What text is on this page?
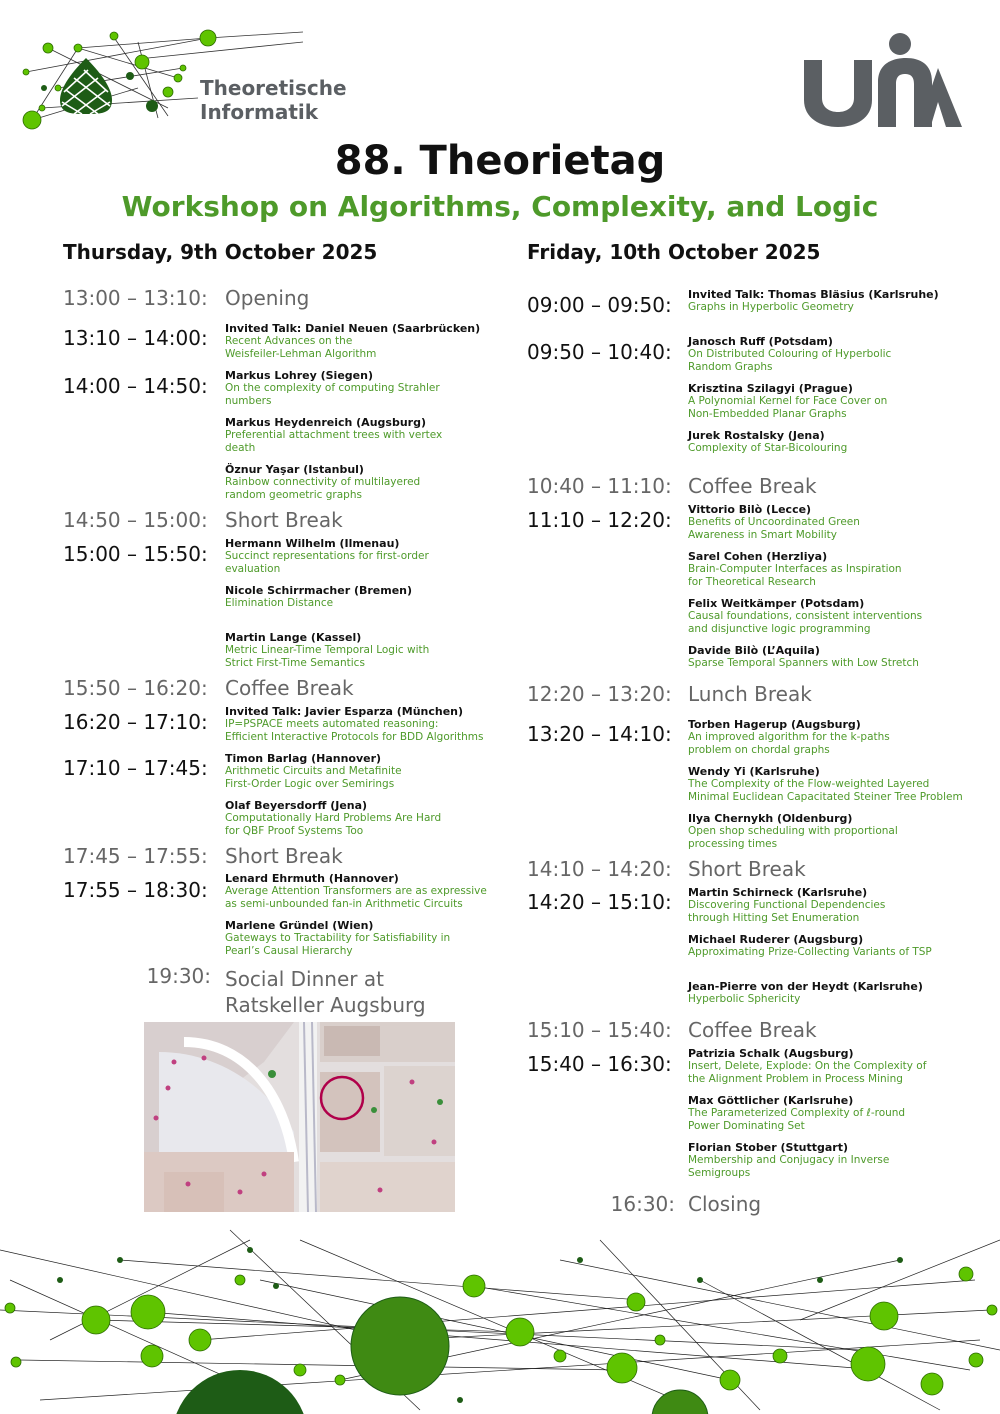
Theoretische
Informatik
88. Theorietag
Workshop on Algorithms, Complexity, and Logic
Thursday, 9th October 2025
13:00 – 13:10: Opening
13:10 – 14:00: Invited Talk: Daniel Neuen (Saarbrücken)
Recent Advances on the
Weisfeiler-Lehman Algorithm
14:00 – 14:50: Markus Lohrey (Siegen)
On the complexity of computing Strahler
numbers
Markus Heydenreich (Augsburg)
Preferential attachment trees with vertex
death
Öznur Yaşar (Istanbul)
Rainbow connectivity of multilayered
random geometric graphs
14:50 – 15:00: Short Break
15:00 – 15:50: Hermann Wilhelm (Ilmenau)
Succinct representations for first-order
evaluation
Nicole Schirrmacher (Bremen)
Elimination Distance
Martin Lange (Kassel)
Metric Linear-Time Temporal Logic with
Strict First-Time Semantics
15:50 – 16:20: Coffee Break
16:20 – 17:10: Invited Talk: Javier Esparza (München)
IP=PSPACE meets automated reasoning:
Efficient Interactive Protocols for BDD Algorithms
17:10 – 17:45: Timon Barlag (Hannover)
Arithmetic Circuits and Metafinite
First-Order Logic over Semirings
Olaf Beyersdorff (Jena)
Computationally Hard Problems Are Hard
for QBF Proof Systems Too
17:45 – 17:55: Short Break
17:55 – 18:30: Lenard Ehrmuth (Hannover)
Average Attention Transformers are as expressive
as semi-unbounded fan-in Arithmetic Circuits
Marlene Gründel (Wien)
Gateways to Tractability for Satisfiability in
Pearl’s Causal Hierarchy
19:30: Social Dinner at
Ratskeller Augsburg
Friday, 10th October 2025
09:00 – 09:50: Invited Talk: Thomas Bläsius (Karlsruhe)
Graphs in Hyperbolic Geometry
09:50 – 10:40: Janosch Ruff (Potsdam)
On Distributed Colouring of Hyperbolic
Random Graphs
Krisztina Szilagyi (Prague)
A Polynomial Kernel for Face Cover on
Non-Embedded Planar Graphs
Jurek Rostalsky (Jena)
Complexity of Star-Bicolouring
10:40 – 11:10: Coffee Break
11:10 – 12:20: Vittorio Bilò (Lecce)
Benefits of Uncoordinated Green
Awareness in Smart Mobility
Sarel Cohen (Herzliya)
Brain-Computer Interfaces as Inspiration
for Theoretical Research
Felix Weitkämper (Potsdam)
Causal foundations, consistent interventions
and disjunctive logic programming
Davide Bilò (L’Aquila)
Sparse Temporal Spanners with Low Stretch
12:20 – 13:20: Lunch Break
13:20 – 14:10: Torben Hagerup (Augsburg)
An improved algorithm for the k-paths
problem on chordal graphs
Wendy Yi (Karlsruhe)
The Complexity of the Flow-weighted Layered
Minimal Euclidean Capacitated Steiner Tree Problem
Ilya Chernykh (Oldenburg)
Open shop scheduling with proportional
processing times
14:10 – 14:20: Short Break
14:20 – 15:10: Martin Schirneck (Karlsruhe)
Discovering Functional Dependencies
through Hitting Set Enumeration
Michael Ruderer (Augsburg)
Approximating Prize-Collecting Variants of TSP
Jean-Pierre von der Heydt (Karlsruhe)
Hyperbolic Sphericity
15:10 – 15:40: Coffee Break
15:40 – 16:30: Patrizia Schalk (Augsburg)
Insert, Delete, Explode: On the Complexity of
the Alignment Problem in Process Mining
Max Göttlicher (Karlsruhe)
The Parameterized Complexity of ℓ-round
Power Dominating Set
Florian Stober (Stuttgart)
Membership and Conjugacy in Inverse
Semigroups
16:30: Closing
